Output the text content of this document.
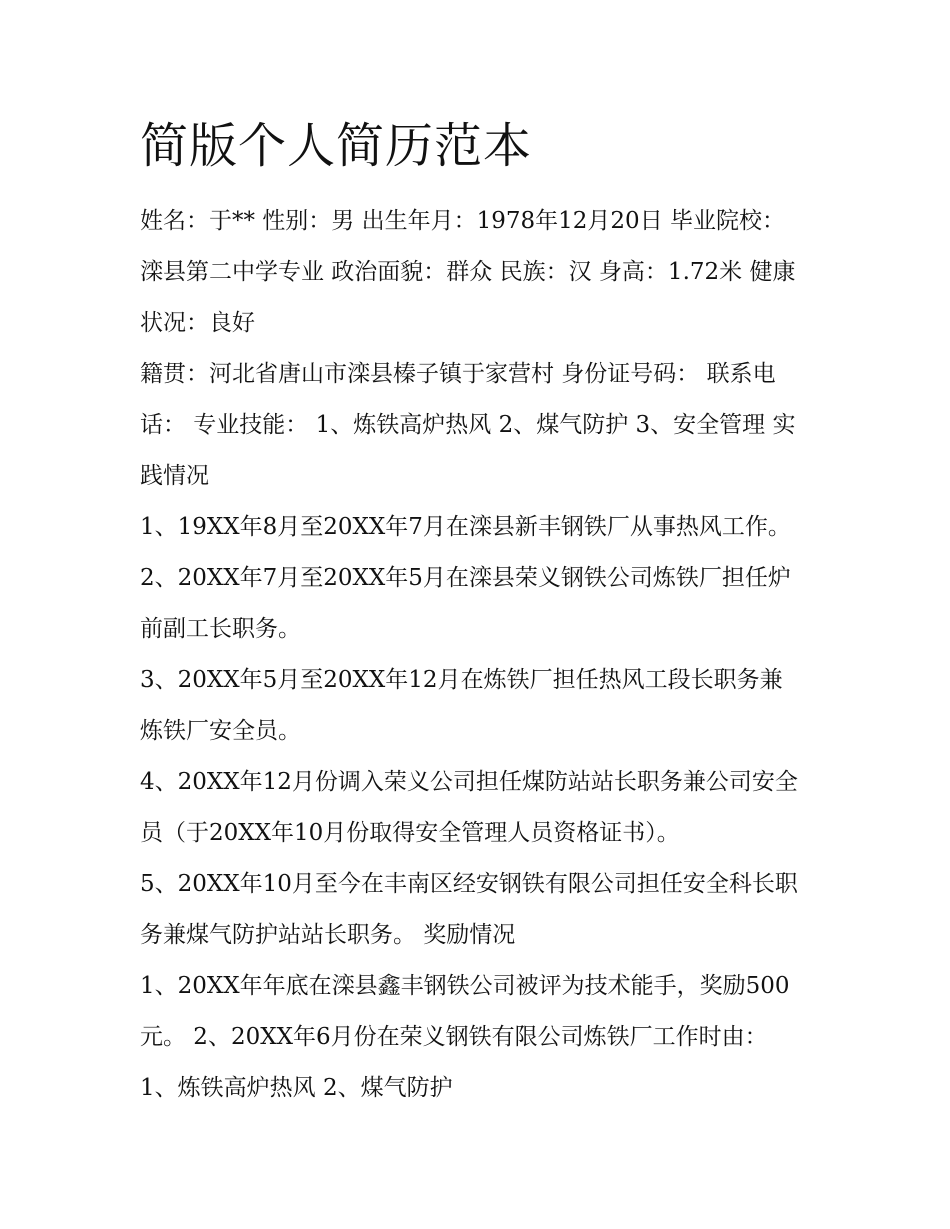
简版个人简历范本

姓名：于** 性别：男 出生年月：1978年12月20日 毕业院校： 滦县第二中学专业 政治面貌：群众 民族：汉 身高：1.72米 健康状况：良好

籍贯：河北省唐山市滦县榛子镇于家营村 身份证号码： 联系电话： 专业技能： 1、炼铁高炉热风 2、煤气防护 3、安全管理 实践情况

1、19XX年8月至20XX年7月在滦县新丰钢铁厂从事热风工作。 2、20XX年7月至20XX年5月在滦县荣义钢铁公司炼铁厂担任炉前副工长职务。

3、20XX年5月至20XX年12月在炼铁厂担任热风工段长职务兼炼铁厂安全员。

4、20XX年12月份调入荣义公司担任煤防站站长职务兼公司安全员（于20XX年10月份取得安全管理人员资格证书）。

5、20XX年10月至今在丰南区经安钢铁有限公司担任安全科长职务兼煤气防护站站长职务。 奖励情况

1、20XX年年底在滦县鑫丰钢铁公司被评为技术能手，奖励500元。 2、20XX年6月份在荣义钢铁有限公司炼铁厂工作时由： 1、炼铁高炉热风 2、煤气防护
